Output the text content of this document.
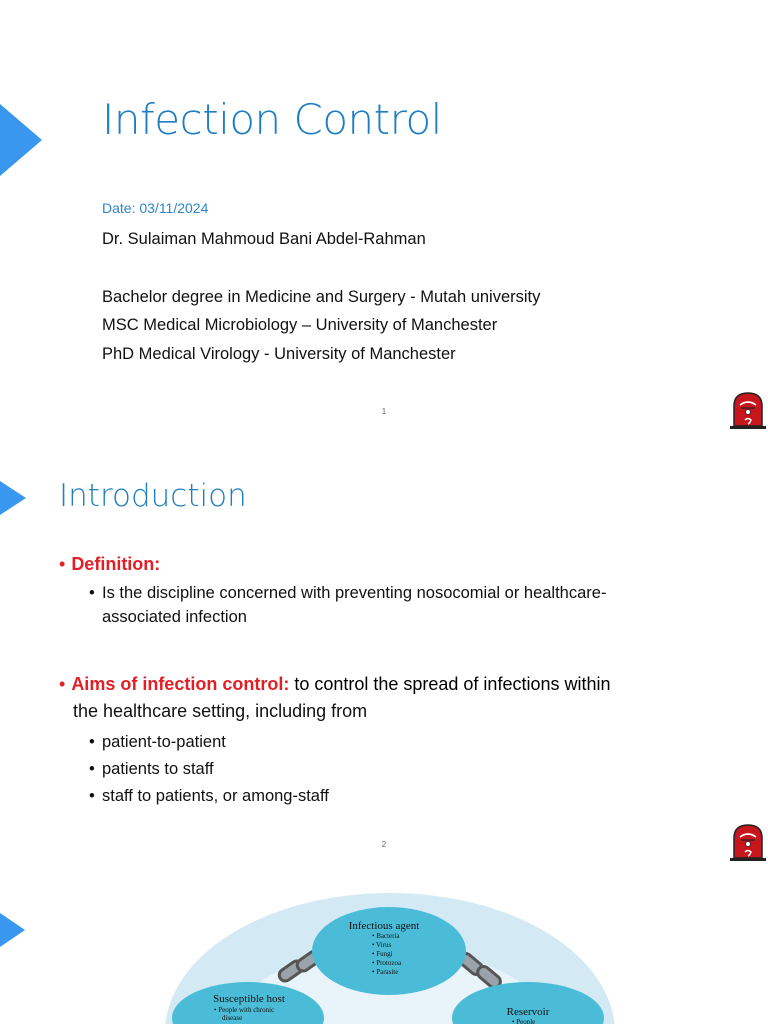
Infection Control
Date: 03/11/2024
Dr. Sulaiman Mahmoud Bani Abdel-Rahman
Bachelor degree in Medicine and Surgery - Mutah university
MSC Medical Microbiology – University of Manchester
PhD Medical Virology - University of Manchester
1
Introduction
• Definition:
• Is the discipline concerned with preventing nosocomial or healthcare-
associated infection
• Aims of infection control: to control the spread of infections within
the healthcare setting, including from
• patient-to-patient
• patients to staff
• staff to patients, or among-staff
2
Infectious agent
• Bacteria
• Virus
• Fungi
• Protozoa
• Parasite
Susceptible host
• People with chronic
disease	Reservoir
• People
